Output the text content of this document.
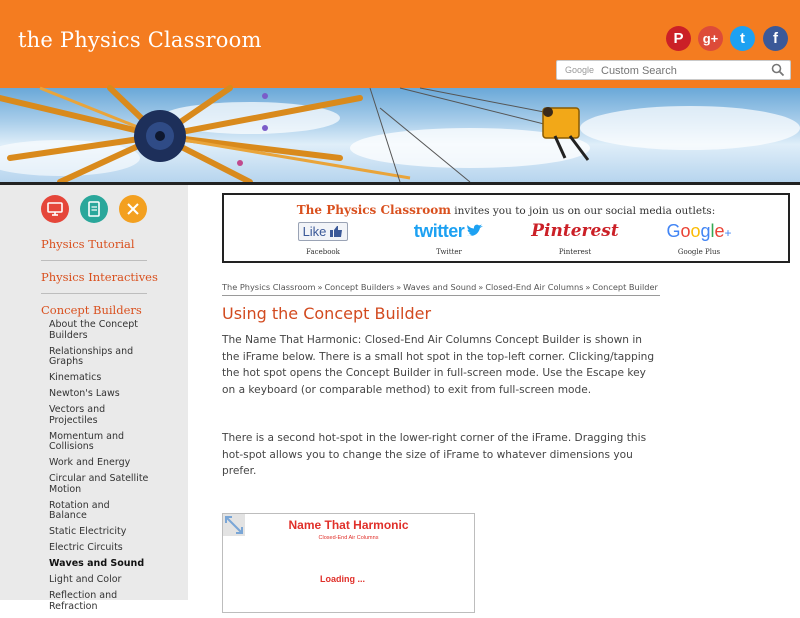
the Physics Classroom	P g+ t f
Google
Custom Search
Physics Tutorial
Physics Interactives
Concept Builders
About the Concept Builders
Relationships and Graphs
Kinematics
Newton's Laws
Vectors and Projectiles
Momentum and Collisions
Work and Energy
Circular and Satellite Motion
Rotation and Balance
Static Electricity
Electric Circuits
Waves and Sound
Light and Color
Reflection and Refraction
The Physics Classroom invites you to join us on our social media outlets:
Like
Facebook
twitter
Twitter
Pinterest
Pinterest
Google+
Google Plus
The Physics Classroom » Concept Builders » Waves and Sound » Closed-End Air Columns » Concept Builder
Using the Concept Builder
The Name That Harmonic: Closed-End Air Columns Concept Builder is shown in the iFrame below. There is a small hot spot in the top-left corner. Clicking/tapping the hot spot opens the Concept Builder in full-screen mode. Use the Escape key on a keyboard (or comparable method) to exit from full-screen mode.
There is a second hot-spot in the lower-right corner of the iFrame. Dragging this hot-spot allows you to change the size of iFrame to whatever dimensions you prefer.
Name That Harmonic
Closed-End Air Columns
Loading ...
